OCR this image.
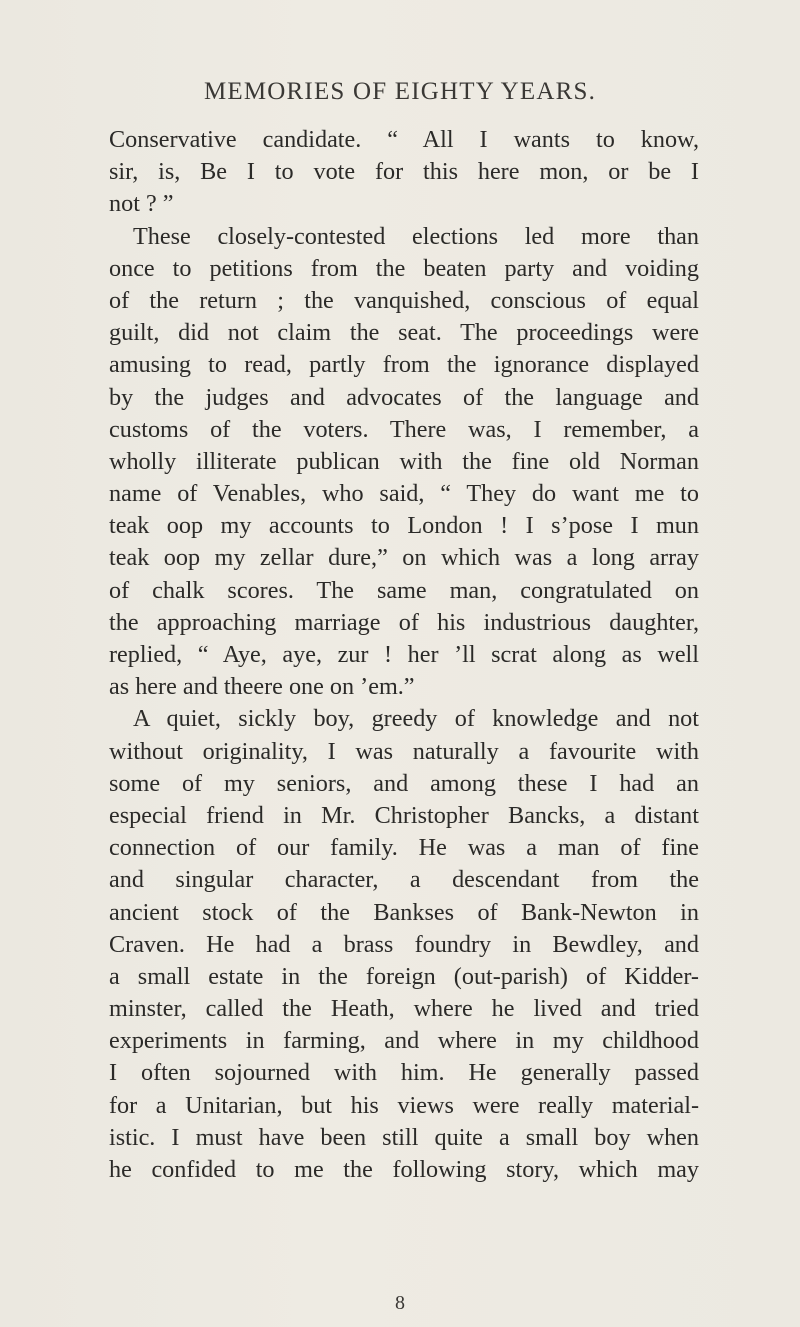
MEMORIES OF EIGHTY YEARS.
Conservative candidate. “ All I wants to know,
sir, is, Be I to vote for this here mon, or be I
not ? ”
These closely-contested elections led more than
once to petitions from the beaten party and voiding
of the return ; the vanquished, conscious of equal
guilt, did not claim the seat. The proceedings were
amusing to read, partly from the ignorance displayed
by the judges and advocates of the language and
customs of the voters. There was, I remember, a
wholly illiterate publican with the fine old Norman
name of Venables, who said, “ They do want me to
teak oop my accounts to London ! I s’pose I mun
teak oop my zellar dure,” on which was a long array
of chalk scores. The same man, congratulated on
the approaching marriage of his industrious daughter,
replied, “ Aye, aye, zur ! her ’ll scrat along as well
as here and theere one on ’em.”
A quiet, sickly boy, greedy of knowledge and not
without originality, I was naturally a favourite with
some of my seniors, and among these I had an
especial friend in Mr. Christopher Bancks, a distant
connection of our family. He was a man of fine
and singular character, a descendant from the
ancient stock of the Bankses of Bank-Newton in
Craven. He had a brass foundry in Bewdley, and
a small estate in the foreign (out-parish) of Kidder-
minster, called the Heath, where he lived and tried
experiments in farming, and where in my childhood
I often sojourned with him. He generally passed
for a Unitarian, but his views were really material-
istic. I must have been still quite a small boy when
he confided to me the following story, which may
8
